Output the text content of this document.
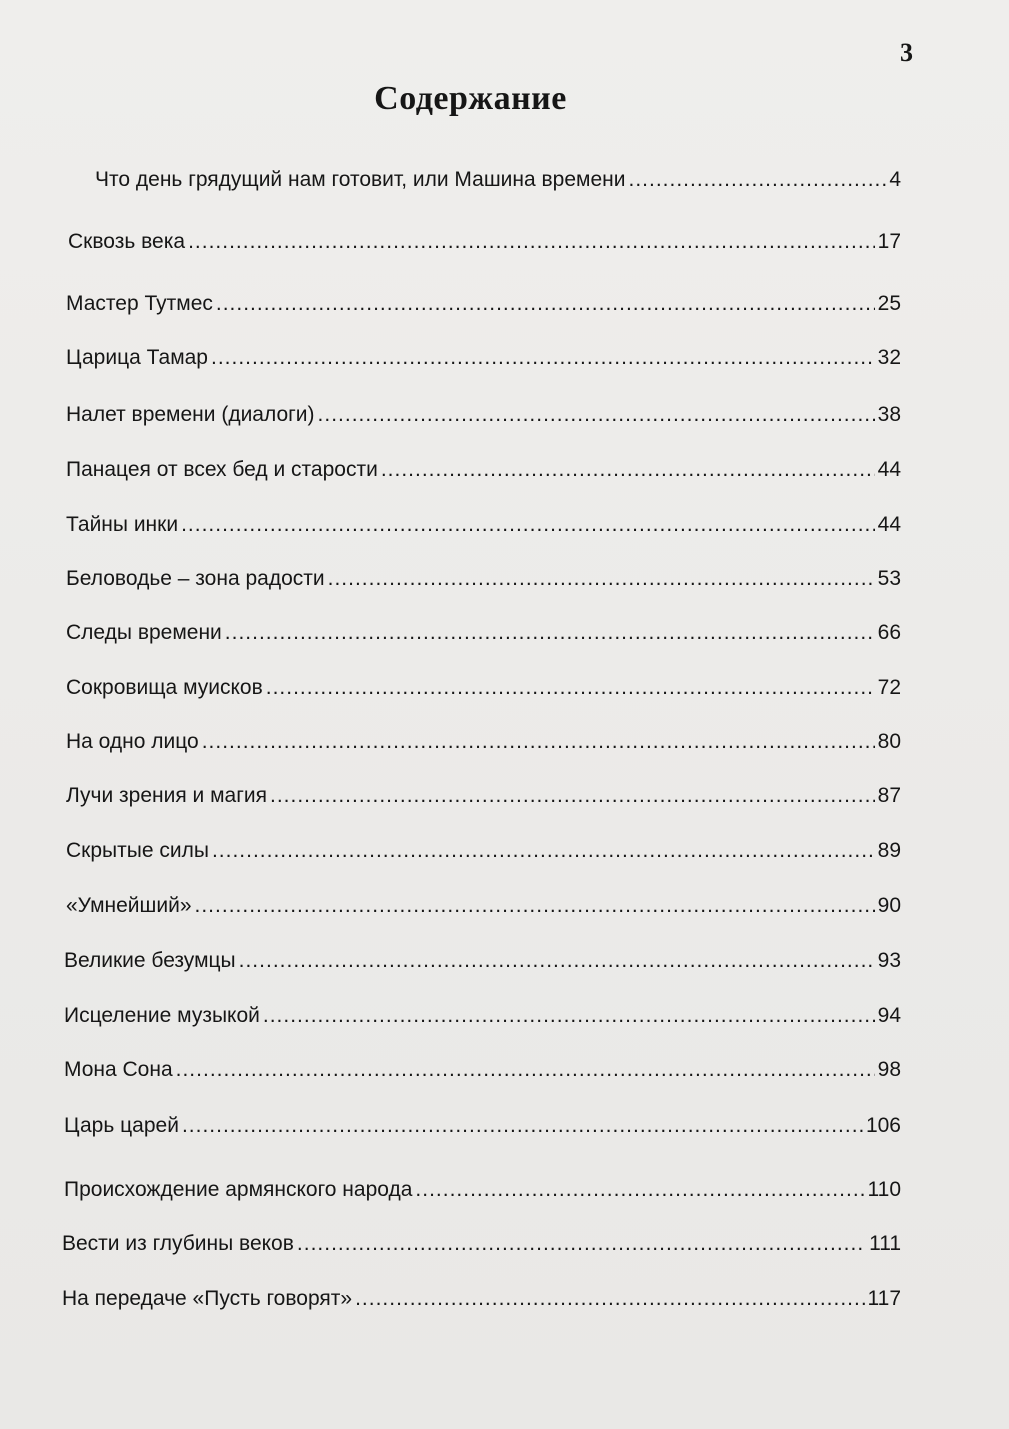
3
Содержание
Что день грядущий нам готовит, или Машина времени .....	4
Сквозь века .....	17
Мастер Тутмес .....	25
Царица Тамар .....	32
Налет времени (диалоги) .....	38
Панацея от всех бед и старости .....	44
Тайны инки .....	44
Беловодье – зона радости .....	53
Следы времени .....	66
Сокровища муисков .....	72
На одно лицо .....	80
Лучи зрения и магия .....	87
Скрытые силы .....	89
«Умнейший» .....	90
Великие безумцы .....	93
Исцеление музыкой .....	94
Мона Сона .....	98
Царь царей .....	106
Происхождение армянского народа .....	110
Вести из глубины веков .....	111
На передаче «Пусть говорят» .....	117
